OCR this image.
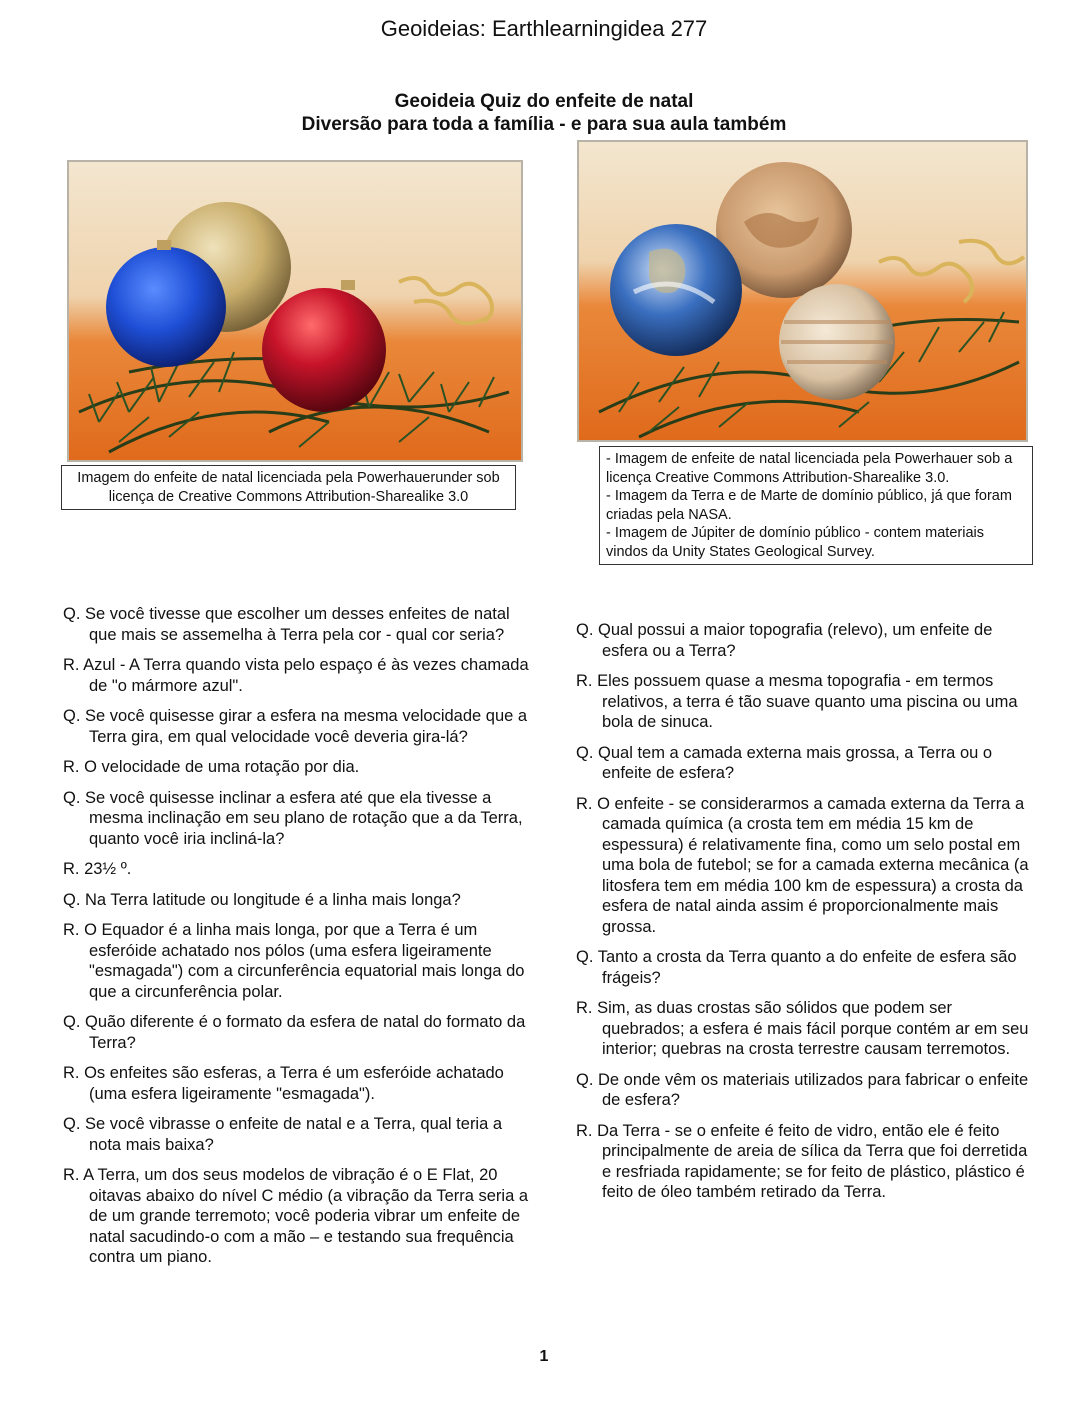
Geoideias: Earthlearningidea 277
Geoideia Quiz do enfeite de natal
Diversão para toda a família - e para sua aula também
Imagem do enfeite de natal licenciada pela Powerhauerunder sob licença de Creative Commons Attribution-Sharealike 3.0
- Imagem de enfeite de natal licenciada pela Powerhauer sob a licença Creative Commons Attribution-Sharealike 3.0.
- Imagem da Terra e de Marte de domínio público, já que foram criadas pela NASA.
- Imagem de Júpiter de domínio público - contem materiais vindos da Unity States Geological Survey.

Q. Se você tivesse que escolher um desses enfeites de natal que mais se assemelha à Terra pela cor - qual cor seria?

R. Azul - A Terra quando vista pelo espaço é às vezes chamada de "o mármore azul".

Q. Se você quisesse girar a esfera na mesma velocidade que a Terra gira, em qual velocidade você deveria gira-lá?

R. O velocidade de uma rotação por dia.

Q. Se você quisesse inclinar a esfera até que ela tivesse a mesma inclinação em seu plano de rotação que a da Terra, quanto você iria incliná-la?

R. 23½ º.

Q. Na Terra latitude ou longitude é a linha mais longa?

R. O Equador é a linha mais longa, por que a Terra é um esferóide achatado nos pólos (uma esfera ligeiramente "esmagada") com a circunferência equatorial mais longa do que a circunferência polar.

Q. Quão diferente é o formato da esfera de natal do formato da Terra?

R. Os enfeites são esferas, a Terra é um esferóide achatado (uma esfera ligeiramente "esmagada").

Q. Se você vibrasse o enfeite de natal e a Terra, qual teria a nota mais baixa?

R. A Terra, um dos seus modelos de vibração é o E Flat, 20 oitavas abaixo do nível C médio (a vibração da Terra seria a de um grande terremoto; você poderia vibrar um enfeite de natal sacudindo-o com a mão – e testando sua frequência contra um piano.

Q. Qual possui a maior topografia (relevo), um enfeite de esfera ou a Terra?

R. Eles possuem quase a mesma topografia - em termos relativos, a terra é tão suave quanto uma piscina ou uma bola de sinuca.

Q. Qual tem a camada externa mais grossa, a Terra ou o enfeite de esfera?

R. O enfeite - se considerarmos a camada externa da Terra a camada química (a crosta tem em média 15 km de espessura) é relativamente fina, como um selo postal em uma bola de futebol; se for a camada externa mecânica (a litosfera tem em média 100 km de espessura) a crosta da esfera de natal ainda assim é proporcionalmente mais grossa.

Q. Tanto a crosta da Terra quanto a do enfeite de esfera são frágeis?

R. Sim, as duas crostas são sólidos que podem ser quebrados; a esfera é mais fácil porque contém ar em seu interior; quebras na crosta terrestre causam terremotos.

Q. De onde vêm os materiais utilizados para fabricar o enfeite de esfera?

R. Da Terra - se o enfeite é feito de vidro, então ele é feito principalmente de areia de sílica da Terra que foi derretida e resfriada rapidamente; se for feito de plástico, plástico é feito de óleo também retirado da Terra.

1
